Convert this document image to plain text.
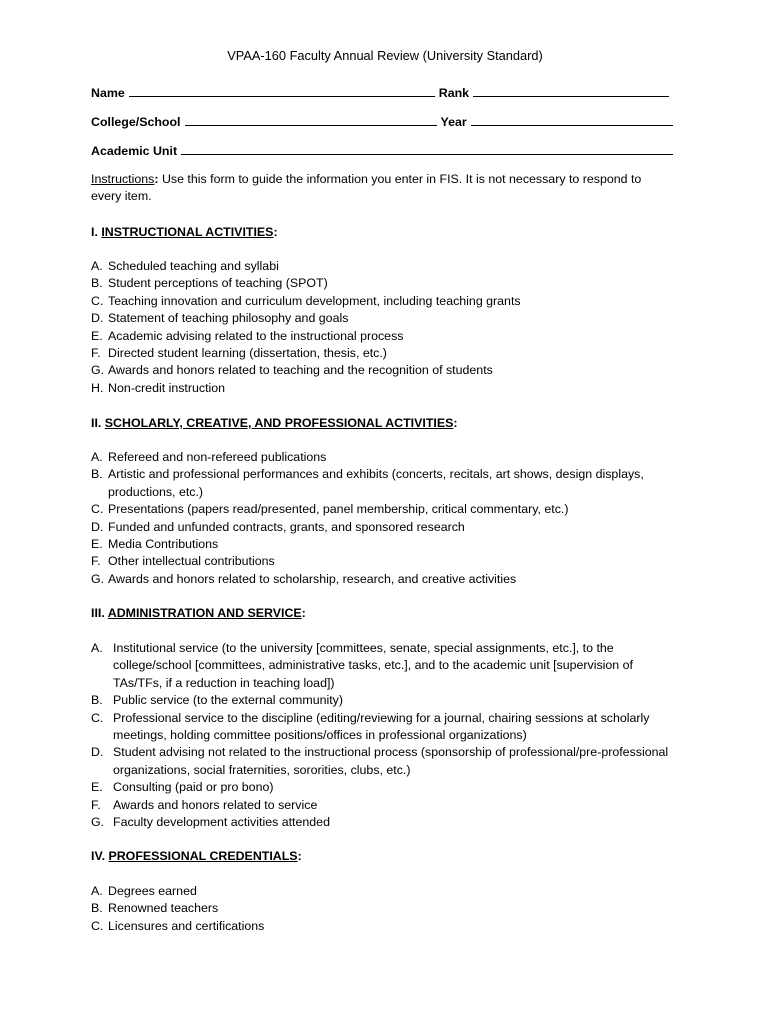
VPAA-160 Faculty Annual Review (University Standard)
Name	Rank
College/School	Year
Academic Unit
Instructions: Use this form to guide the information you enter in FIS. It is not necessary to respond to every item.
I. INSTRUCTIONAL ACTIVITIES:
A. Scheduled teaching and syllabi
B. Student perceptions of teaching (SPOT)
C. Teaching innovation and curriculum development, including teaching grants
D. Statement of teaching philosophy and goals
E. Academic advising related to the instructional process
F. Directed student learning (dissertation, thesis, etc.)
G. Awards and honors related to teaching and the recognition of students
H. Non-credit instruction
II. SCHOLARLY, CREATIVE, AND PROFESSIONAL ACTIVITIES:
A. Refereed and non-refereed publications
B. Artistic and professional performances and exhibits (concerts, recitals, art shows, design displays, productions, etc.)
C. Presentations (papers read/presented, panel membership, critical commentary, etc.)
D. Funded and unfunded contracts, grants, and sponsored research
E. Media Contributions
F. Other intellectual contributions
G. Awards and honors related to scholarship, research, and creative activities
III. ADMINISTRATION AND SERVICE:
A. Institutional service (to the university [committees, senate, special assignments, etc.], to the college/school [committees, administrative tasks, etc.], and to the academic unit [supervision of TAs/TFs, if a reduction in teaching load])
B. Public service (to the external community)
C. Professional service to the discipline (editing/reviewing for a journal, chairing sessions at scholarly meetings, holding committee positions/offices in professional organizations)
D. Student advising not related to the instructional process (sponsorship of professional/pre-professional organizations, social fraternities, sororities, clubs, etc.)
E. Consulting (paid or pro bono)
F. Awards and honors related to service
G. Faculty development activities attended
IV. PROFESSIONAL CREDENTIALS:
A. Degrees earned
B. Renowned teachers
C. Licensures and certifications
